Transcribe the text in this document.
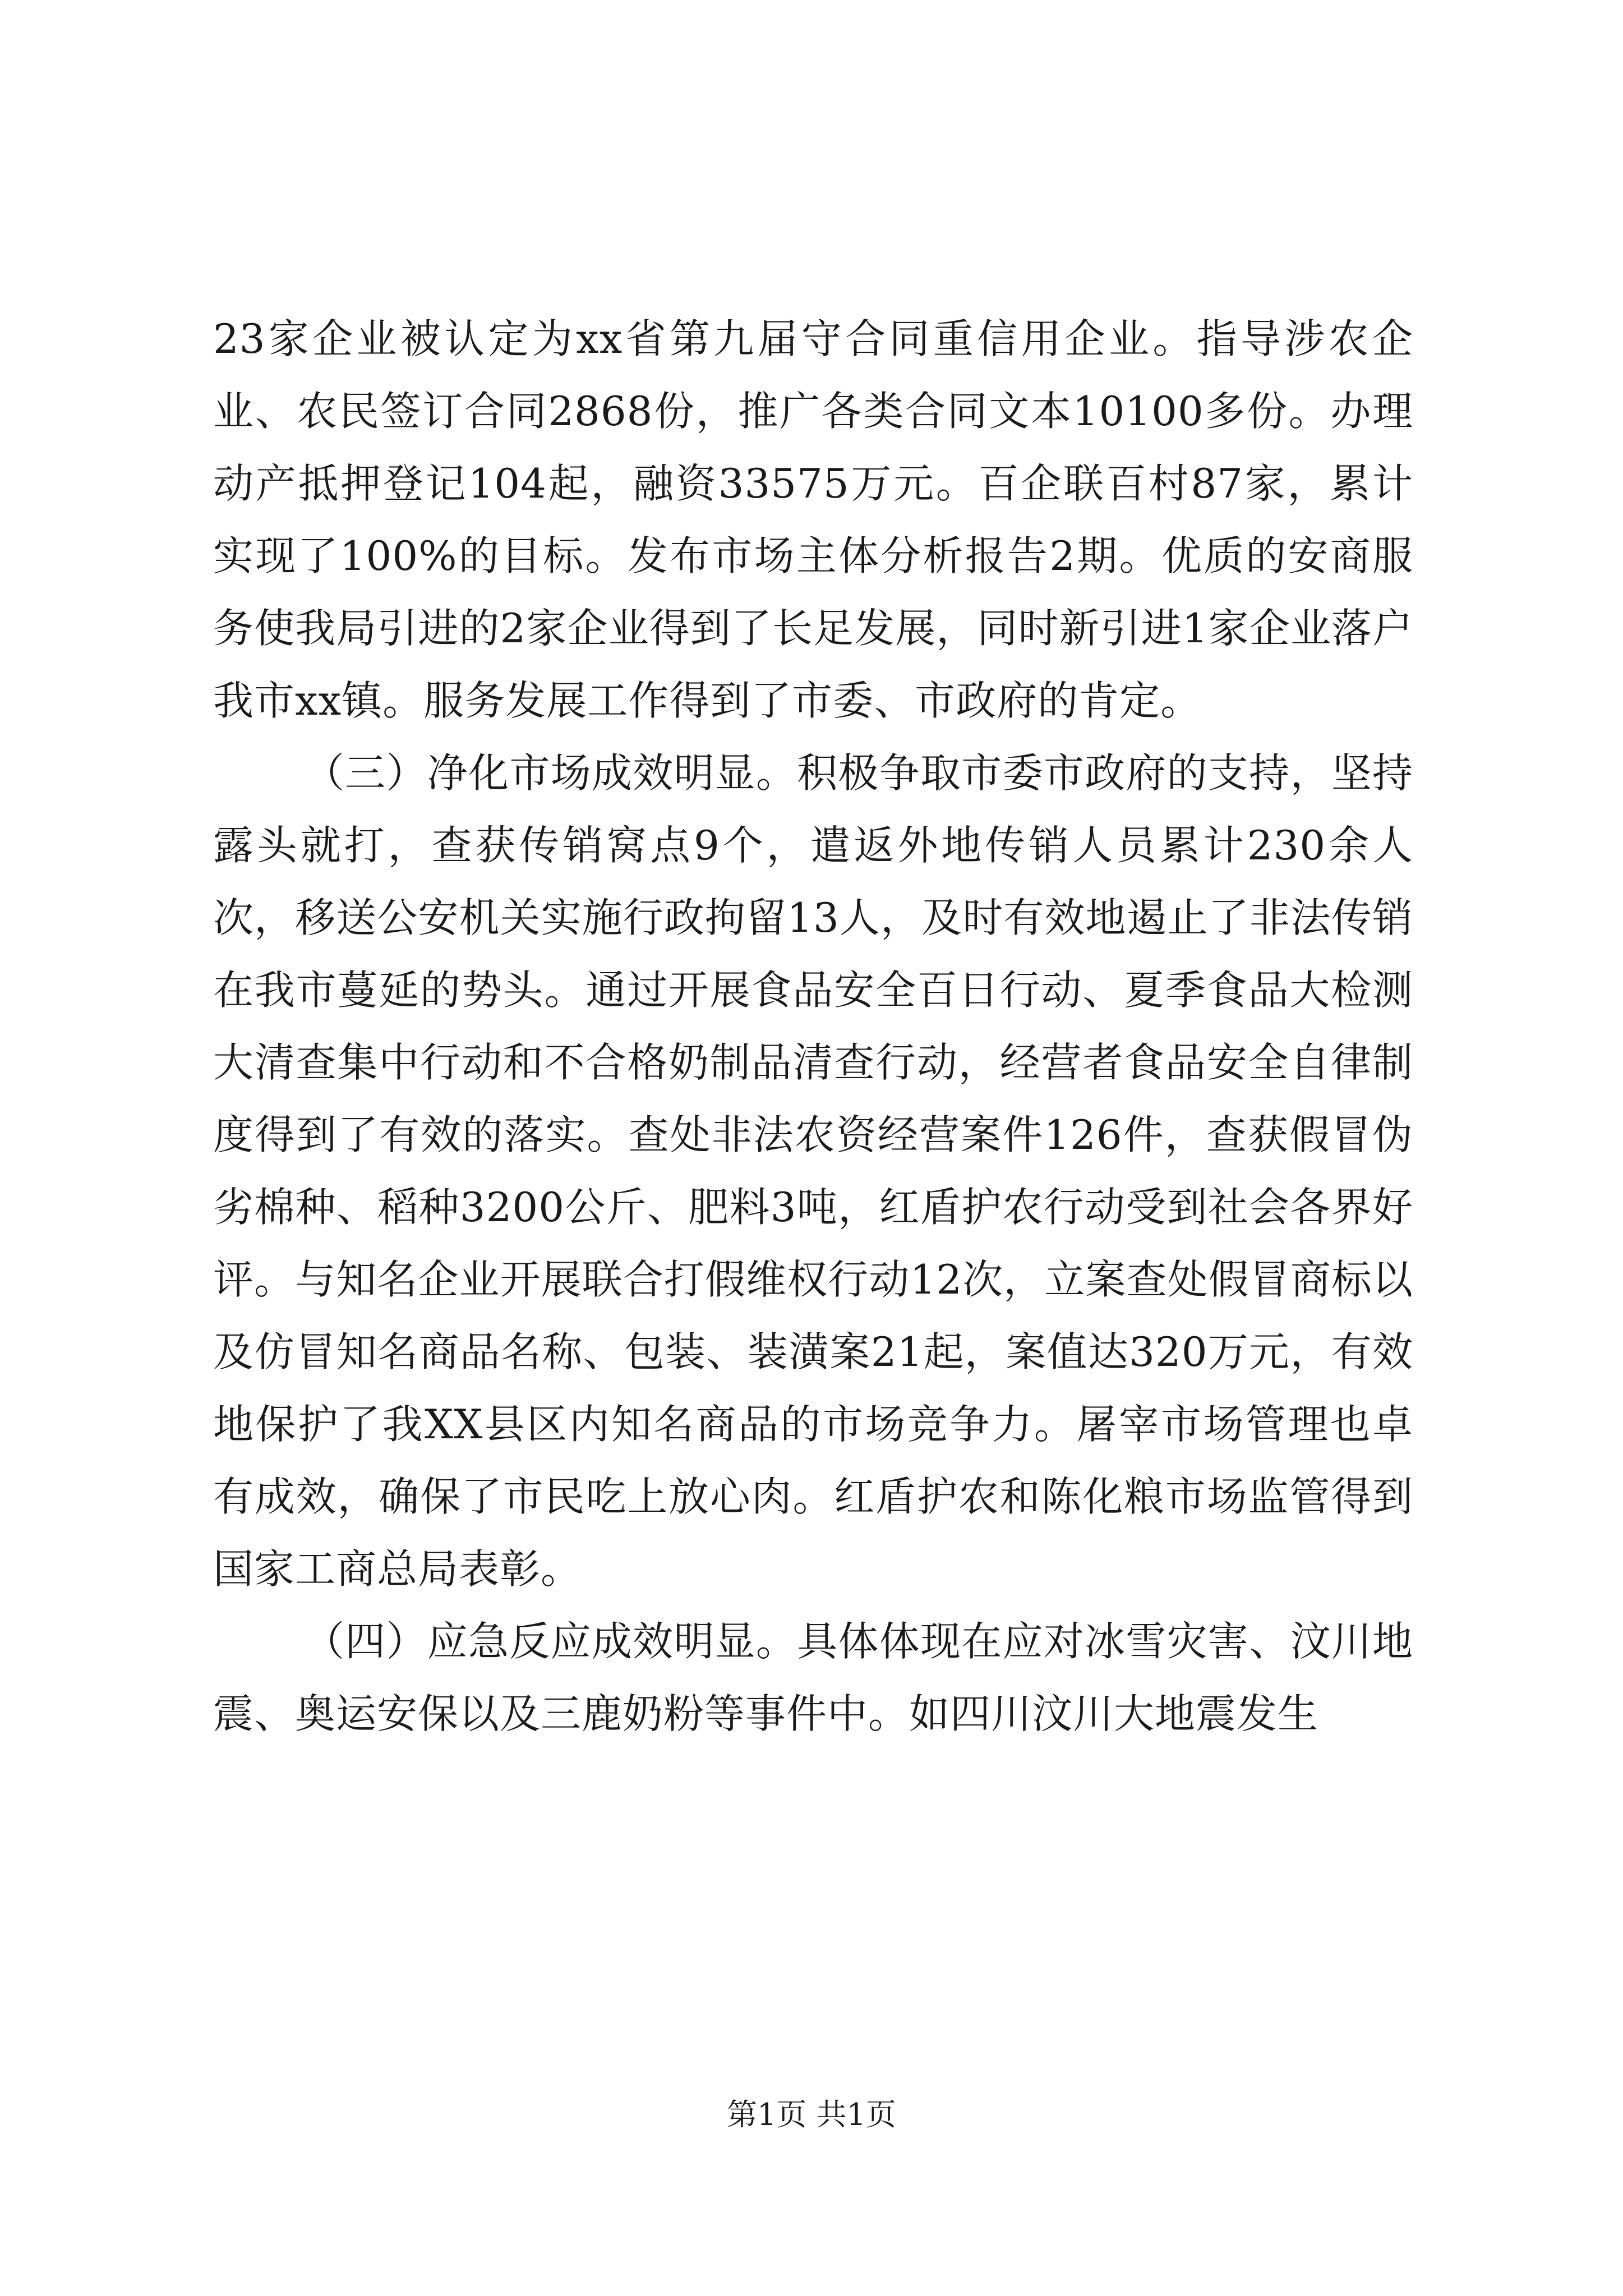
23家企业被认定为xx省第九届守合同重信用企业。指导涉农企业、农民签订合同2868份，推广各类合同文本10100多份。办理动产抵押登记104起，融资33575万元。百企联百村87家，累计实现了100%的目标。发布市场主体分析报告2期。优质的安商服务使我局引进的2家企业得到了长足发展，同时新引进1家企业落户我市xx镇。服务发展工作得到了市委、市政府的肯定。

（三）净化市场成效明显。积极争取市委市政府的支持，坚持露头就打，查获传销窝点9个，遣返外地传销人员累计230余人次，移送公安机关实施行政拘留13人，及时有效地遏止了非法传销在我市蔓延的势头。通过开展食品安全百日行动、夏季食品大检测大清查集中行动和不合格奶制品清查行动，经营者食品安全自律制度得到了有效的落实。查处非法农资经营案件126件，查获假冒伪劣棉种、稻种3200公斤、肥料3吨，红盾护农行动受到社会各界好评。与知名企业开展联合打假维权行动12次，立案查处假冒商标以及仿冒知名商品名称、包装、装潢案21起，案值达320万元，有效地保护了我XX县区内知名商品的市场竞争力。屠宰市场管理也卓有成效，确保了市民吃上放心肉。红盾护农和陈化粮市场监管得到国家工商总局表彰。

（四）应急反应成效明显。具体体现在应对冰雪灾害、汶川地震、奥运安保以及三鹿奶粉等事件中。如四川汶川大地震发生

第1页 共1页
